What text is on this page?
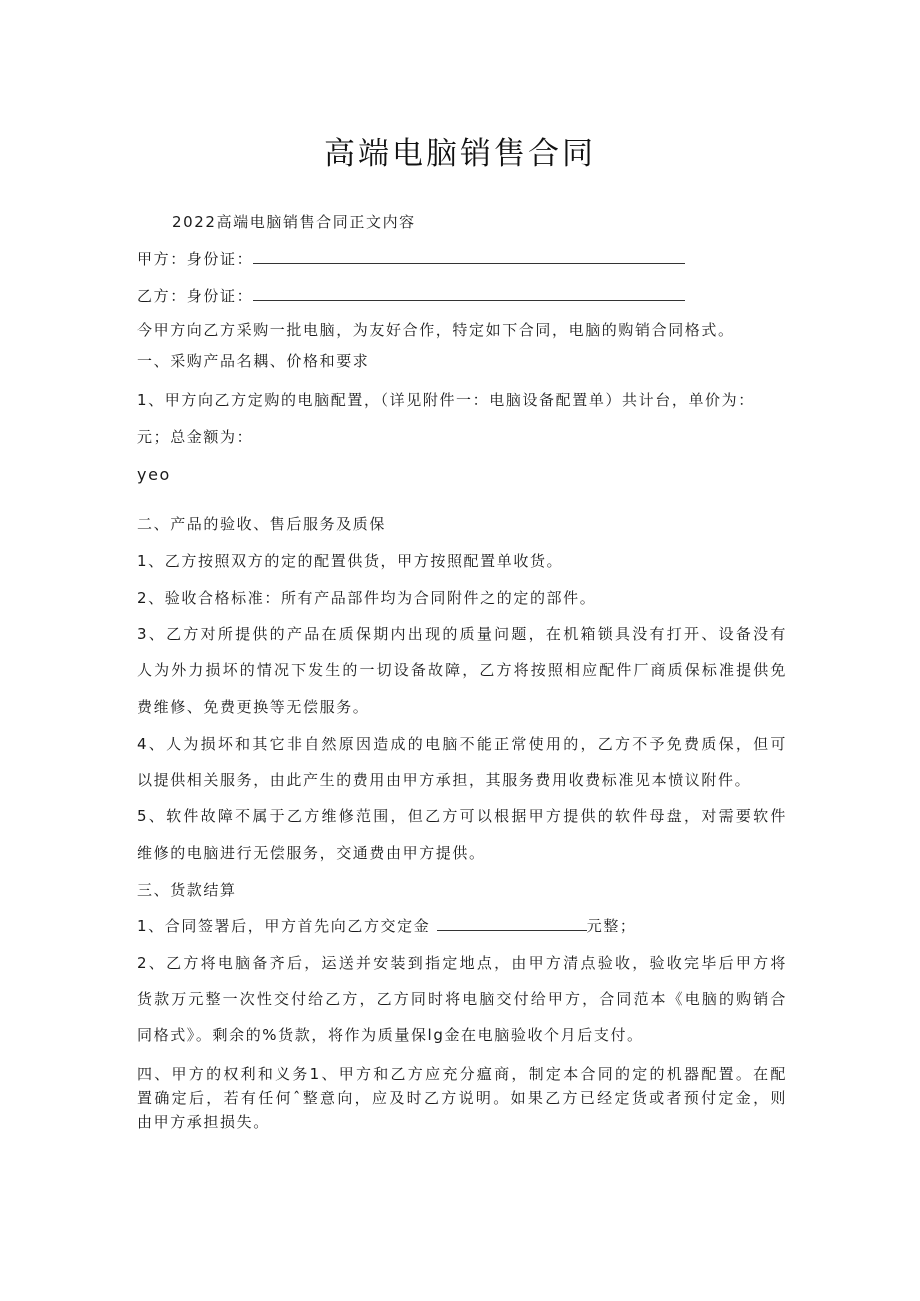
高端电脑销售合同
2022高端电脑销售合同正文内容
甲方：身份证：
乙方：身份证：
今甲方向乙方采购一批电脑，为友好合作，特定如下合同，电脑的购销合同格式。
一、采购产品名耦、价格和要求
1、甲方向乙方定购的电脑配置，（详见附件一：电脑设备配置单）共计台，单价为：
元；总金额为：
yeo
二、产品的验收、售后服务及质保
1、乙方按照双方的定的配置供货，甲方按照配置单收货。
2、验收合格标准：所有产品部件均为合同附件之的定的部件。
3、乙方对所提供的产品在质保期内出现的质量问题，在机箱锁具没有打开、设备没有
人为外力损坏的情况下发生的一切设备故障，乙方将按照相应配件厂商质保标准提供免
费维修、免费更换等无偿服务。
4、人为损坏和其它非自然原因造成的电脑不能正常使用的，乙方不予免费质保，但可
以提供相关服务，由此产生的费用由甲方承担，其服务费用收费标准见本愤议附件。
5、软件故障不属于乙方维修范围，但乙方可以根据甲方提供的软件母盘，对需要软件
维修的电脑进行无偿服务，交通费由甲方提供。
三、货款结算
1、合同签署后，甲方首先向乙方交定金	元整；
2、乙方将电脑备齐后，运送并安装到指定地点，由甲方清点验收，验收完毕后甲方将
货款万元整一次性交付给乙方，乙方同时将电脑交付给甲方，合同范本《电脑的购销合
同格式》。剩余的%货款，将作为质量保lg金在电脑验收个月后支付。
四、甲方的权利和义务1、甲方和乙方应充分瘟商，制定本合同的定的机器配置。在配
置确定后，若有任何ˆ整意向，应及时乙方说明。如果乙方已经定货或者预付定金，则
由甲方承担损失。
